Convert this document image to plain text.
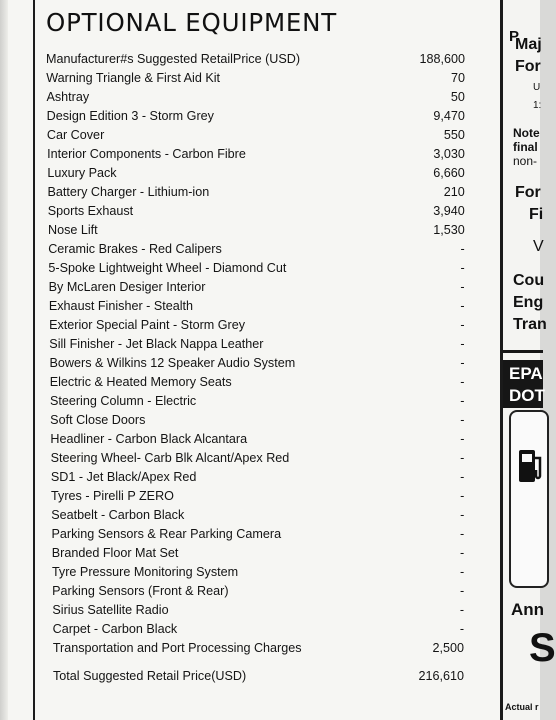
OPTIONAL EQUIPMENT
Manufacturer#s Suggested RetailPrice (USD)	188,600
Warning Triangle & First Aid Kit	70
Ashtray	50
Design Edition 3 - Storm Grey	9,470
Car Cover	550
Interior Components - Carbon Fibre	3,030
Luxury Pack	6,660
Battery Charger - Lithium-ion	210
Sports Exhaust	3,940
Nose Lift	1,530
Ceramic Brakes - Red Calipers	-
5-Spoke Lightweight Wheel - Diamond Cut	-
By McLaren Desiger Interior	-
Exhaust Finisher - Stealth	-
Exterior Special Paint - Storm Grey	-
Sill Finisher - Jet Black Nappa Leather	-
Bowers & Wilkins 12 Speaker Audio System	-
Electric & Heated Memory Seats	-
Steering Column - Electric	-
Soft Close Doors	-
Headliner - Carbon Black Alcantara	-
Steering Wheel- Carb Blk Alcant/Apex Red	-
SD1 - Jet Black/Apex Red	-
Tyres - Pirelli P ZERO	-
Seatbelt - Carbon Black	-
Parking Sensors & Rear Parking Camera	-
Branded Floor Mat Set	-
Tyre Pressure Monitoring System	-
Parking Sensors (Front & Rear)	-
Sirius Satellite Radio	-
Carpet - Carbon Black	-
Transportation and Port Processing Charges	2,500
Total Suggested Retail Price(USD)	216,610
P
Maj
For
U
1:
Note
final
non-
For
Fi
V
Cou
Eng
Tran
Ann
S
Actual r
EPA
DOT
